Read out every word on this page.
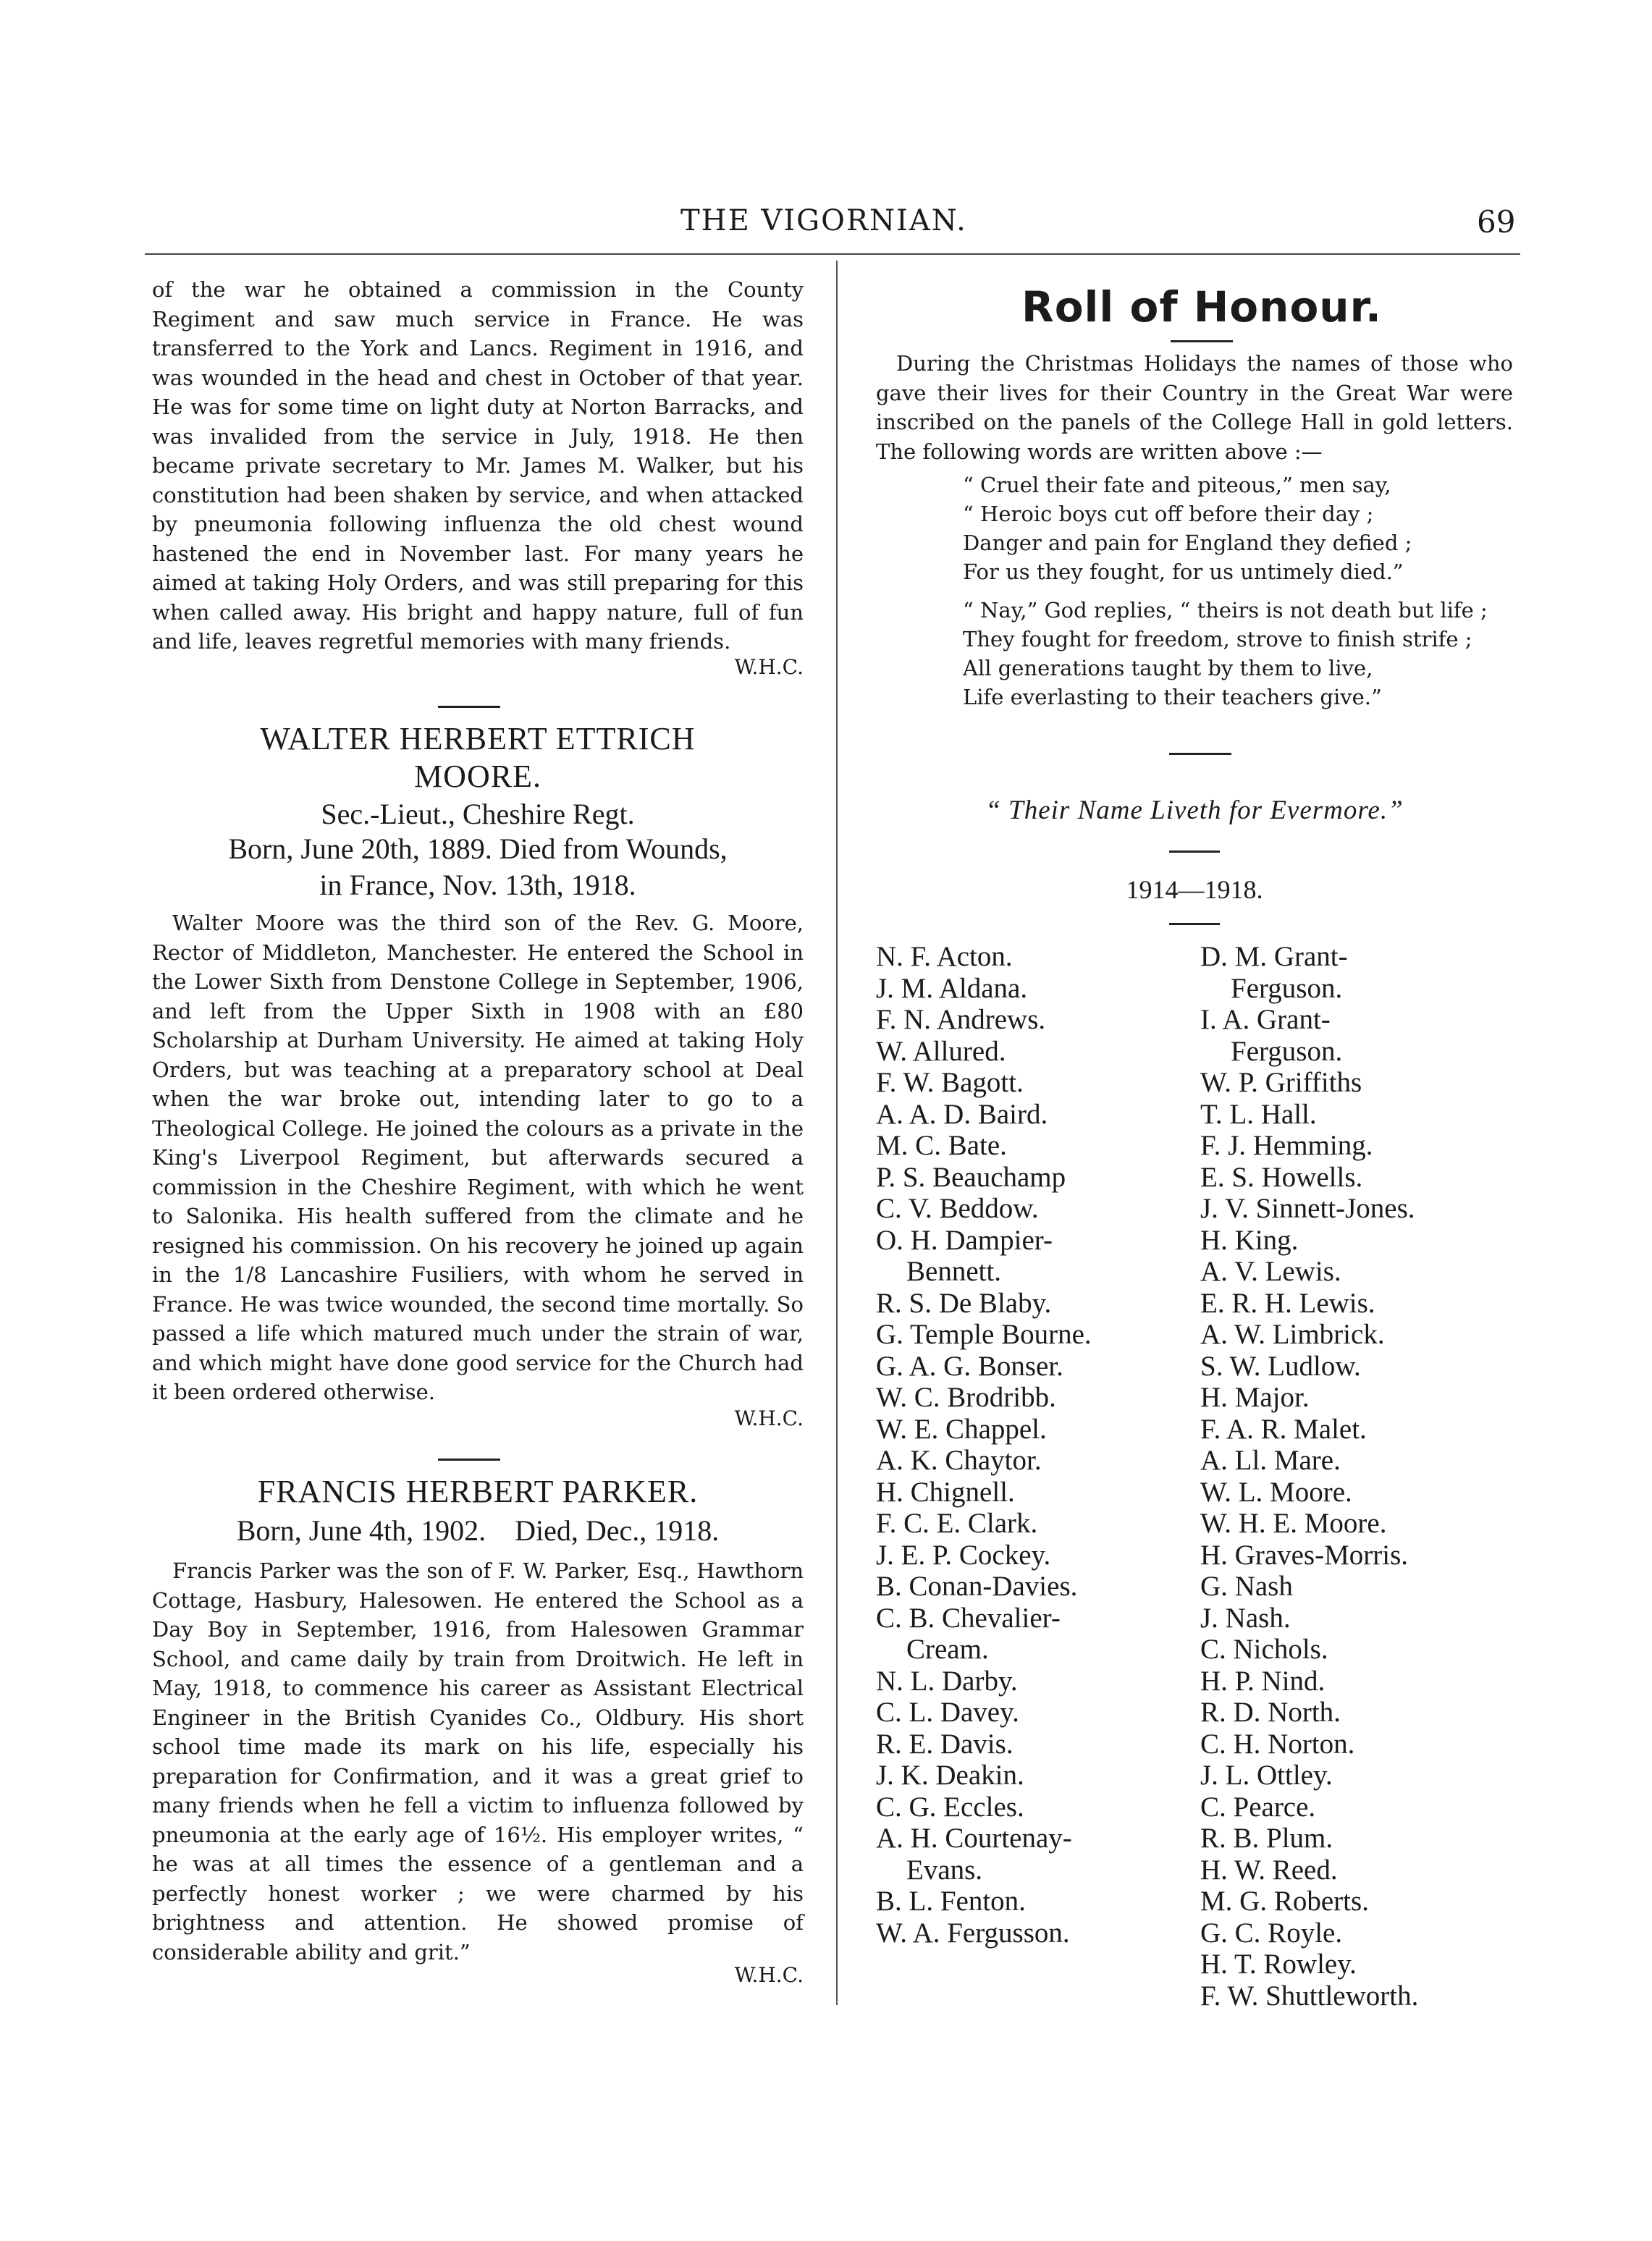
THE VIGORNIAN.	69
of the war he obtained a commission in the County Regiment and saw much service in France. He was transferred to the York and Lancs. Regiment in 1916, and was wounded in the head and chest in October of that year. He was for some time on light duty at Norton Barracks, and was invalided from the service in July, 1918. He then became private secretary to Mr. James M. Walker, but his constitution had been shaken by service, and when attacked by pneumonia following influenza the old chest wound hastened the end in November last. For many years he aimed at taking Holy Orders, and was still preparing for this when called away. His bright and happy nature, full of fun and life, leaves regretful memories with many friends.
W.H.C.
WALTER HERBERT ETTRICH
MOORE.
Sec.-Lieut., Cheshire Regt.
Born, June 20th, 1889. Died from Wounds,
in France, Nov. 13th, 1918.
Walter Moore was the third son of the Rev. G. Moore, Rector of Middleton, Manchester. He entered the School in the Lower Sixth from Denstone College in September, 1906, and left from the Upper Sixth in 1908 with an £80 Scholarship at Durham University. He aimed at taking Holy Orders, but was teaching at a preparatory school at Deal when the war broke out, intending later to go to a Theological College. He joined the colours as a private in the King's Liverpool Regiment, but afterwards secured a commission in the Cheshire Regiment, with which he went to Salonika. His health suffered from the climate and he resigned his commission. On his recovery he joined up again in the 1/8 Lancashire Fusiliers, with whom he served in France. He was twice wounded, the second time mortally. So passed a life which matured much under the strain of war, and which might have done good service for the Church had it been ordered otherwise.
W.H.C.
FRANCIS HERBERT PARKER.
Born, June 4th, 1902.    Died, Dec., 1918.
Francis Parker was the son of F. W. Parker, Esq., Hawthorn Cottage, Hasbury, Halesowen. He entered the School as a Day Boy in September, 1916, from Halesowen Grammar School, and came daily by train from Droitwich. He left in May, 1918, to commence his career as Assistant Electrical Engineer in the British Cyanides Co., Oldbury. His short school time made its mark on his life, especially his preparation for Confirmation, and it was a great grief to many friends when he fell a victim to influenza followed by pneumonia at the early age of 16½. His employer writes, “ he was at all times the essence of a gentleman and a perfectly honest worker ; we were charmed by his brightness and attention. He showed promise of considerable ability and grit.”
W.H.C.
Roll of Honour.
During the Christmas Holidays the names of those who gave their lives for their Country in the Great War were inscribed on the panels of the College Hall in gold letters. The following words are written above :—
“ Cruel their fate and piteous,” men say,
“ Heroic boys cut off before their day ;
Danger and pain for England they defied ;
For us they fought, for us untimely died.”
“ Nay,” God replies, “ theirs is not death but life ;
They fought for freedom, strove to finish strife ;
All generations taught by them to live,
Life everlasting to their teachers give.”
“ Their Name Liveth for Evermore.”
1914—1918.
N. F. Acton.
J. M. Aldana.
F. N. Andrews.
W. Allured.
F. W. Bagott.
A. A. D. Baird.
M. C. Bate.
P. S. Beauchamp
C. V. Beddow.
O. H. Dampier-
Bennett.
R. S. De Blaby.
G. Temple Bourne.
G. A. G. Bonser.
W. C. Brodribb.
W. E. Chappel.
A. K. Chaytor.
H. Chignell.
F. C. E. Clark.
J. E. P. Cockey.
B. Conan-Davies.
C. B. Chevalier-
Cream.
N. L. Darby.
C. L. Davey.
R. E. Davis.
J. K. Deakin.
C. G. Eccles.
A. H. Courtenay-
Evans.
B. L. Fenton.
W. A. Fergusson.
D. M. Grant-
Ferguson.
I. A. Grant-
Ferguson.
W. P. Griffiths
T. L. Hall.
F. J. Hemming.
E. S. Howells.
J. V. Sinnett-Jones.
H. King.
A. V. Lewis.
E. R. H. Lewis.
A. W. Limbrick.
S. W. Ludlow.
H. Major.
F. A. R. Malet.
A. Ll. Mare.
W. L. Moore.
W. H. E. Moore.
H. Graves-Morris.
G. Nash
J. Nash.
C. Nichols.
H. P. Nind.
R. D. North.
C. H. Norton.
J. L. Ottley.
C. Pearce.
R. B. Plum.
H. W. Reed.
M. G. Roberts.
G. C. Royle.
H. T. Rowley.
F. W. Shuttleworth.
